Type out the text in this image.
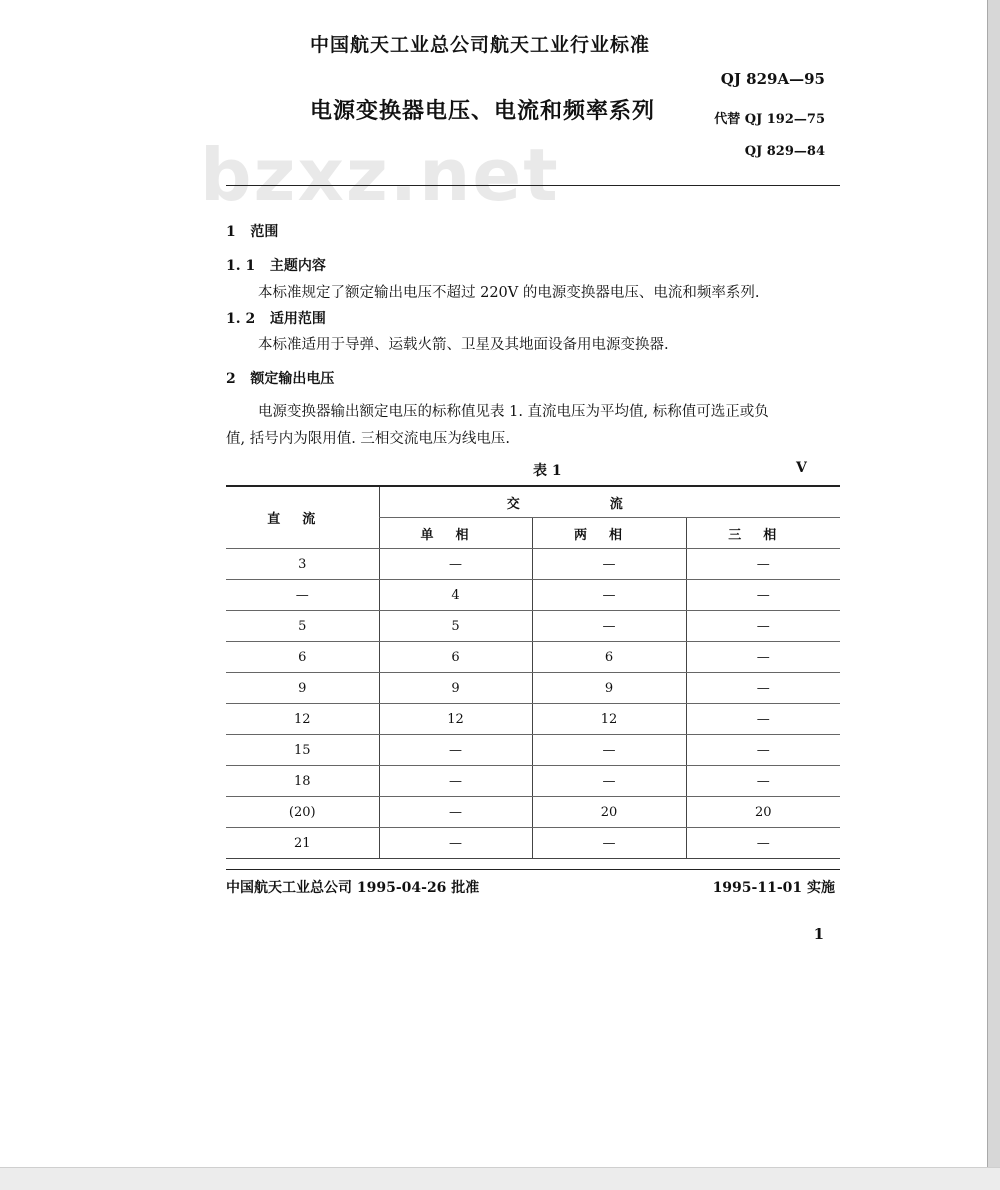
中国航天工业总公司航天工业行业标准
QJ 829A—95
电源变换器电压、电流和频率系列	代替 QJ 192—75
QJ 829—84
bzxz.net
1 范围
1. 1 主题内容
本标准规定了额定输出电压不超过 220V 的电源变换器电压、电流和频率系列.
1. 2 适用范围
本标准适用于导弹、运载火箭、卫星及其地面设备用电源变换器.
2 额定输出电压
电源变换器输出额定电压的标称值见表 1. 直流电压为平均值, 标称值可选正或负
值, 括号内为限用值. 三相交流电压为线电压.
表 1	V
直流	交流		
	单相	两相	三相
3	—	—	—
—	4	—	—
5	5	—	—
6	6	6	—
9	9	9	—
12	12	12	—
15	—	—	—
18	—	—	—
(20)	—	20	20
21	—	—	—
中国航天工业总公司 1995-04-26 批准	1995-11-01 实施
1
